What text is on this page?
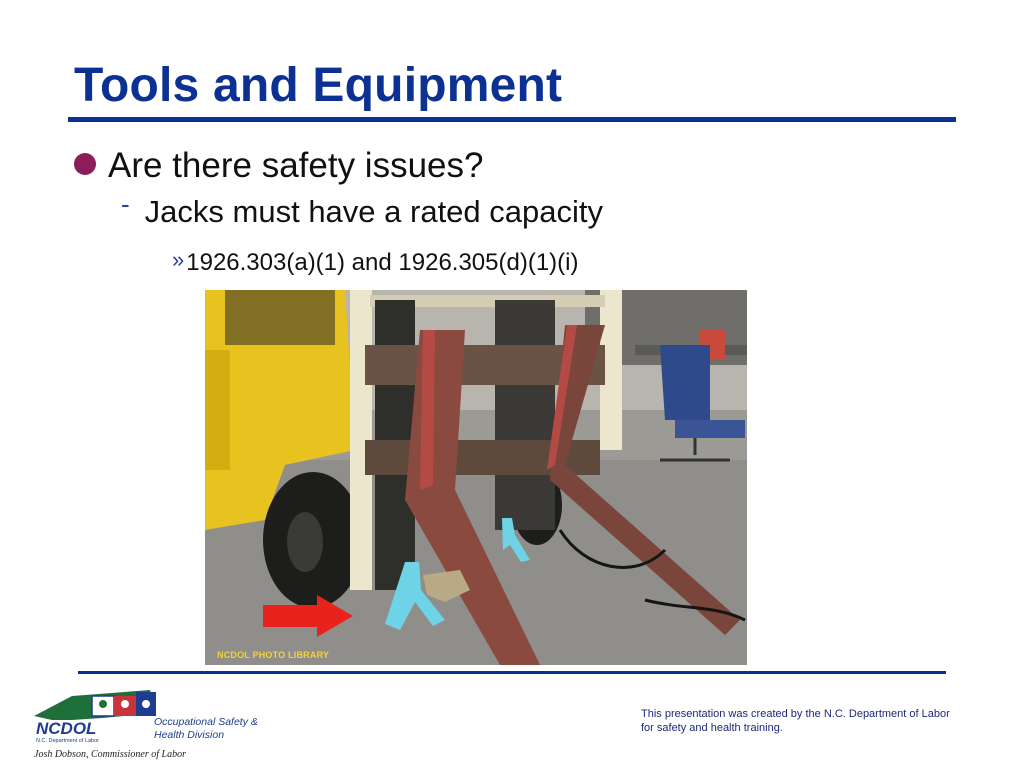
Tools and Equipment
Are there safety issues?
- Jacks must have a rated capacity
» 1926.303(a)(1) and 1926.305(d)(1)(i)
NCDOL PHOTO LIBRARY
NCDOL
N.C. Department of Labor
Occupational Safety & Health Division
Josh Dobson, Commissioner of Labor
This presentation was created by the N.C. Department of Labor for safety and health training.
